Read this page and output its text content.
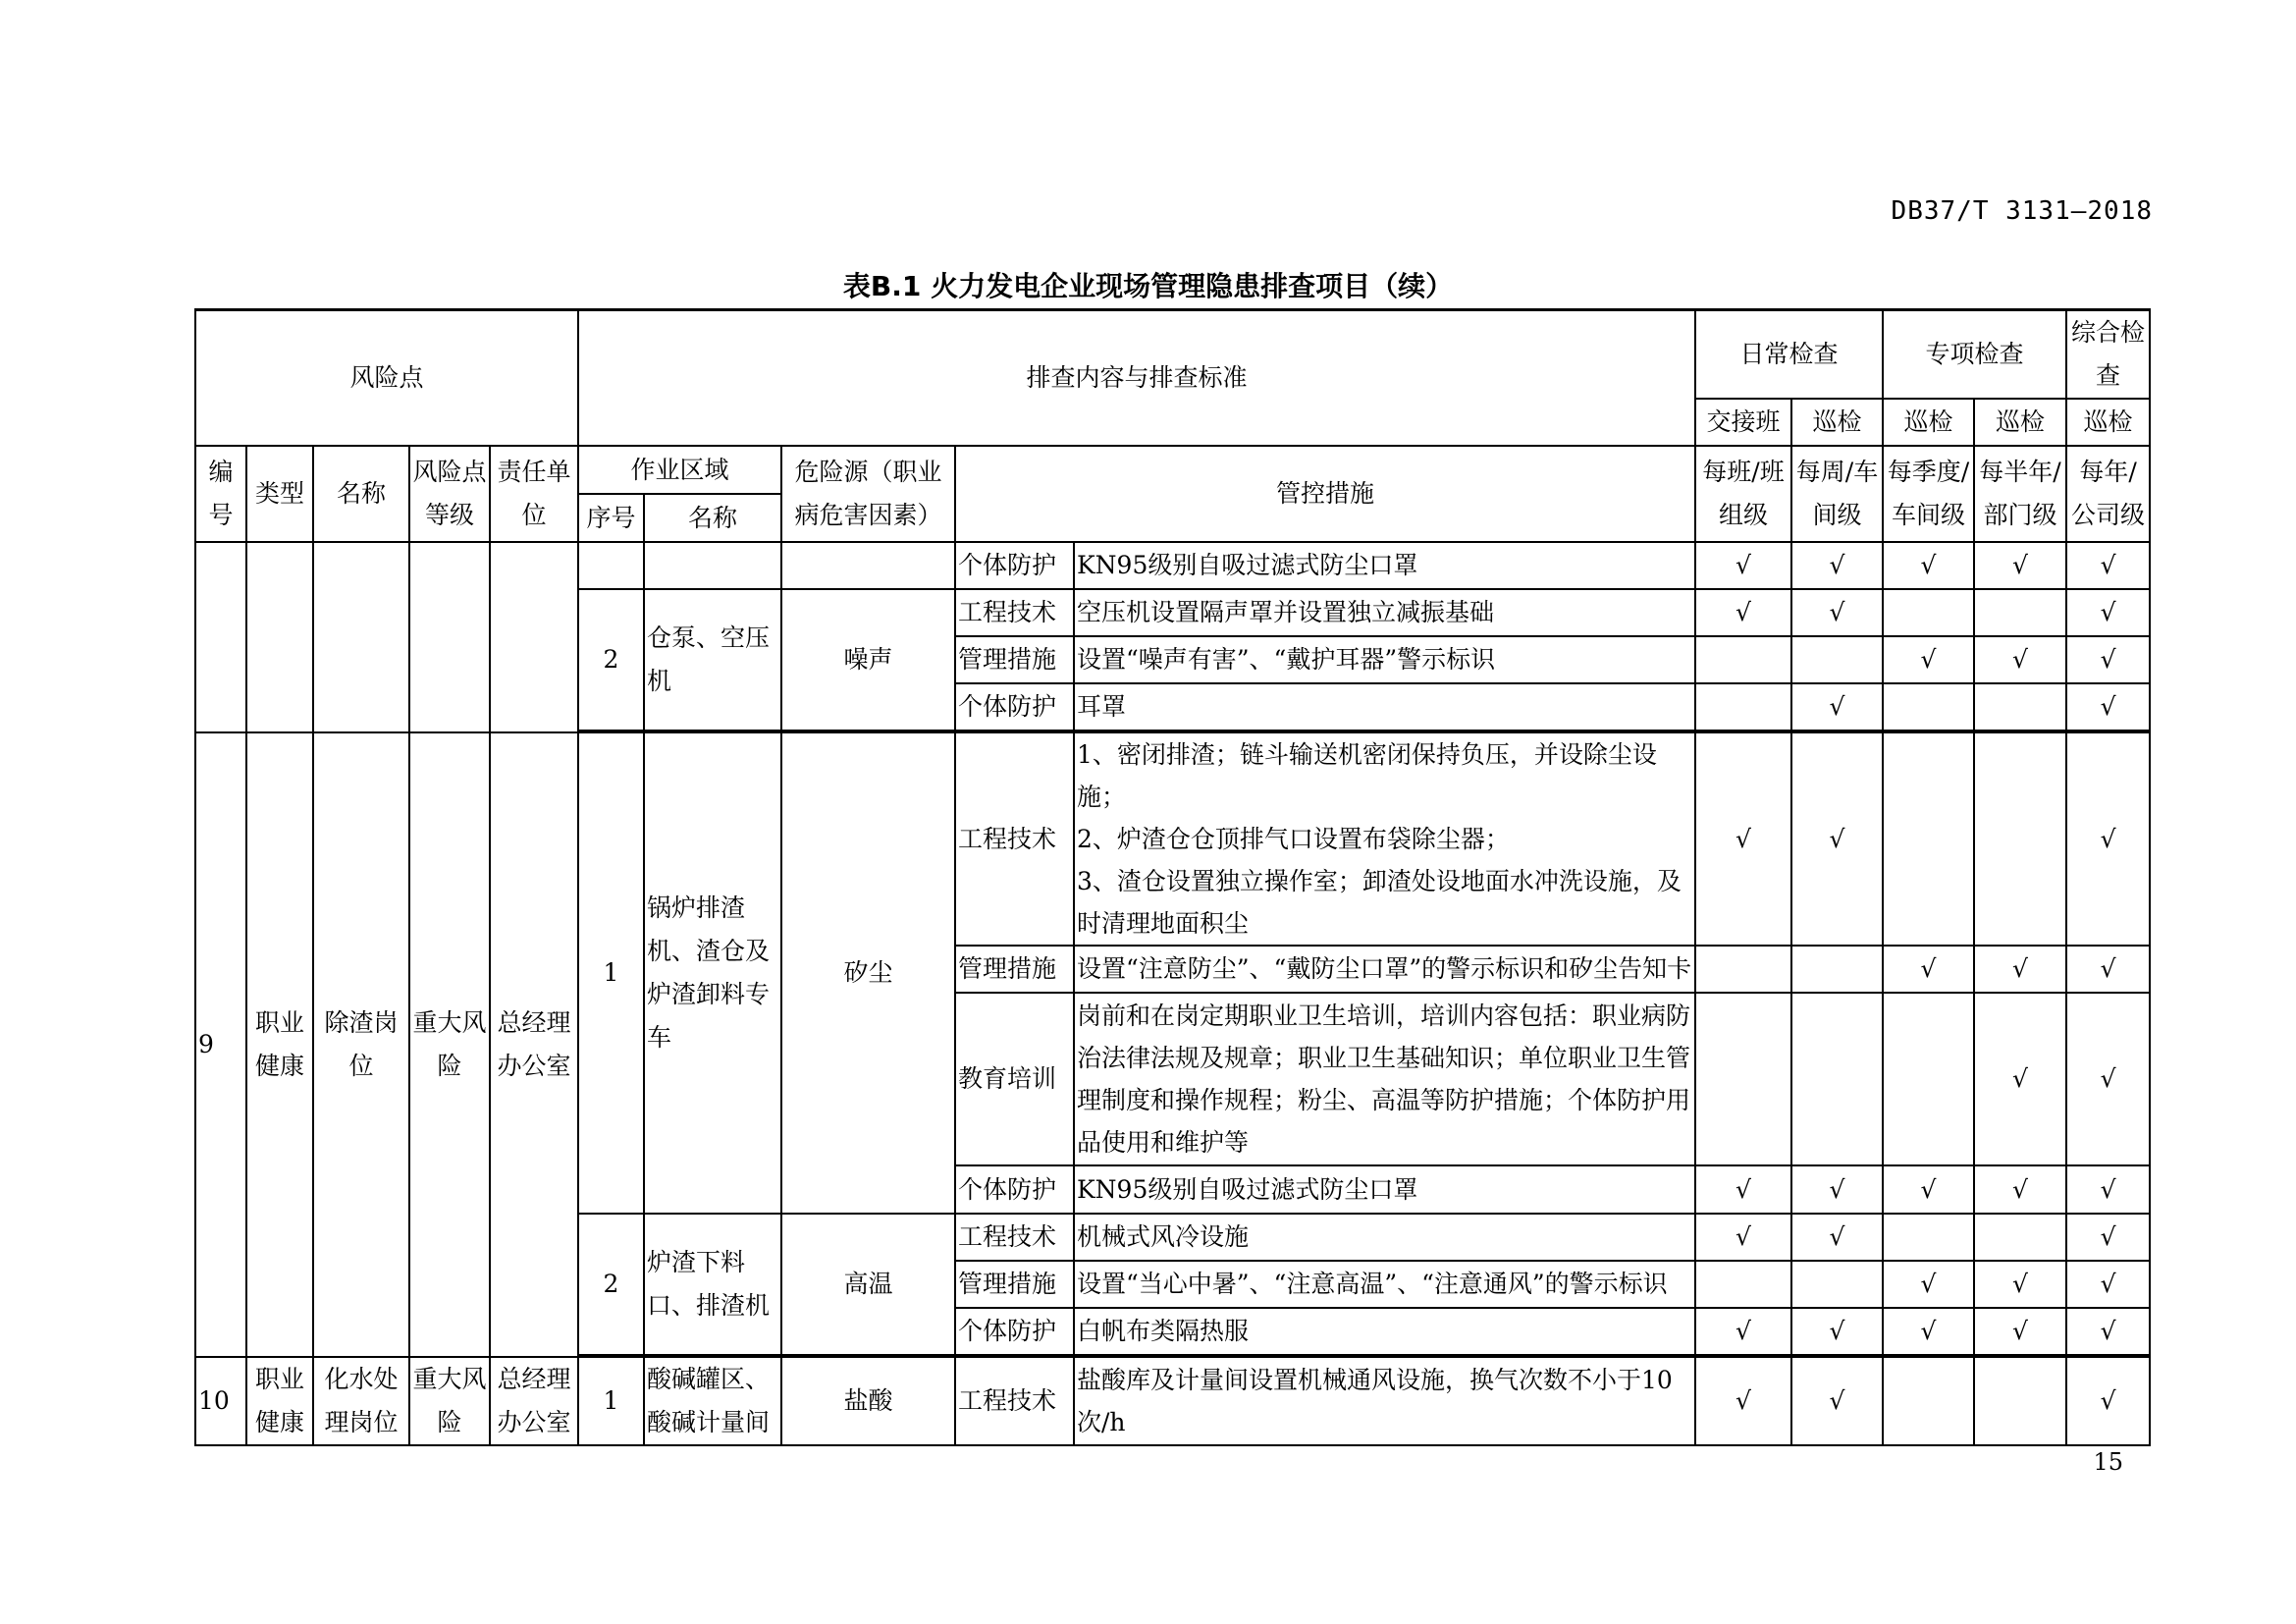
DB37/T 3131—2018
表B.1 火力发电企业现场管理隐患排查项目（续）
风险点					排查内容与排查标准					日常检查		专项检查		综合检查
										交接班	巡检	巡检	巡检	巡检
编号	类型	名称	风险点等级	责任单位	作业区域		危险源（职业病危害因素）	管控措施		每班/班组级	每周/车间级	每季度/车间级	每半年/部门级	每年/公司级
					序号	名称								
								个体防护	KN95级别自吸过滤式防尘口罩	√	√	√	√	√
					2	仓泵、空压机	噪声	工程技术	空压机设置隔声罩并设置独立减振基础	√	√			√
								管理措施	设置“噪声有害”、“戴护耳器”警示标识			√	√	√
								个体防护	耳罩		√			√

9	职业健康	除渣岗位	重大风险	总经理办公室	1	锅炉排渣机、渣仓及炉渣卸料专车	矽尘	工程技术	1、密闭排渣；链斗输送机密闭保持负压，并设除尘设施；
2、炉渣仓仓顶排气口设置布袋除尘器；
3、渣仓设置独立操作室；卸渣处设地面水冲洗设施，及时清理地面积尘	√	√			√
								管理措施	设置“注意防尘”、“戴防尘口罩”的警示标识和矽尘告知卡			√	√	√
								教育培训	岗前和在岗定期职业卫生培训，培训内容包括：职业病防治法律法规及规章；职业卫生基础知识；单位职业卫生管理制度和操作规程；粉尘、高温等防护措施；个体防护用品使用和维护等				√	√
								个体防护	KN95级别自吸过滤式防尘口罩	√	√	√	√	√
					2	炉渣下料口、排渣机	高温	工程技术	机械式风冷设施	√	√			√
								管理措施	设置“当心中暑”、“注意高温”、“注意通风”的警示标识			√	√	√
								个体防护	白帆布类隔热服	√	√	√	√	√

10	职业健康	化水处理岗位	重大风险	总经理办公室	1	酸碱罐区、酸碱计量间	盐酸	工程技术	盐酸库及计量间设置机械通风设施，换气次数不小于10次/h	√	√			√
15
